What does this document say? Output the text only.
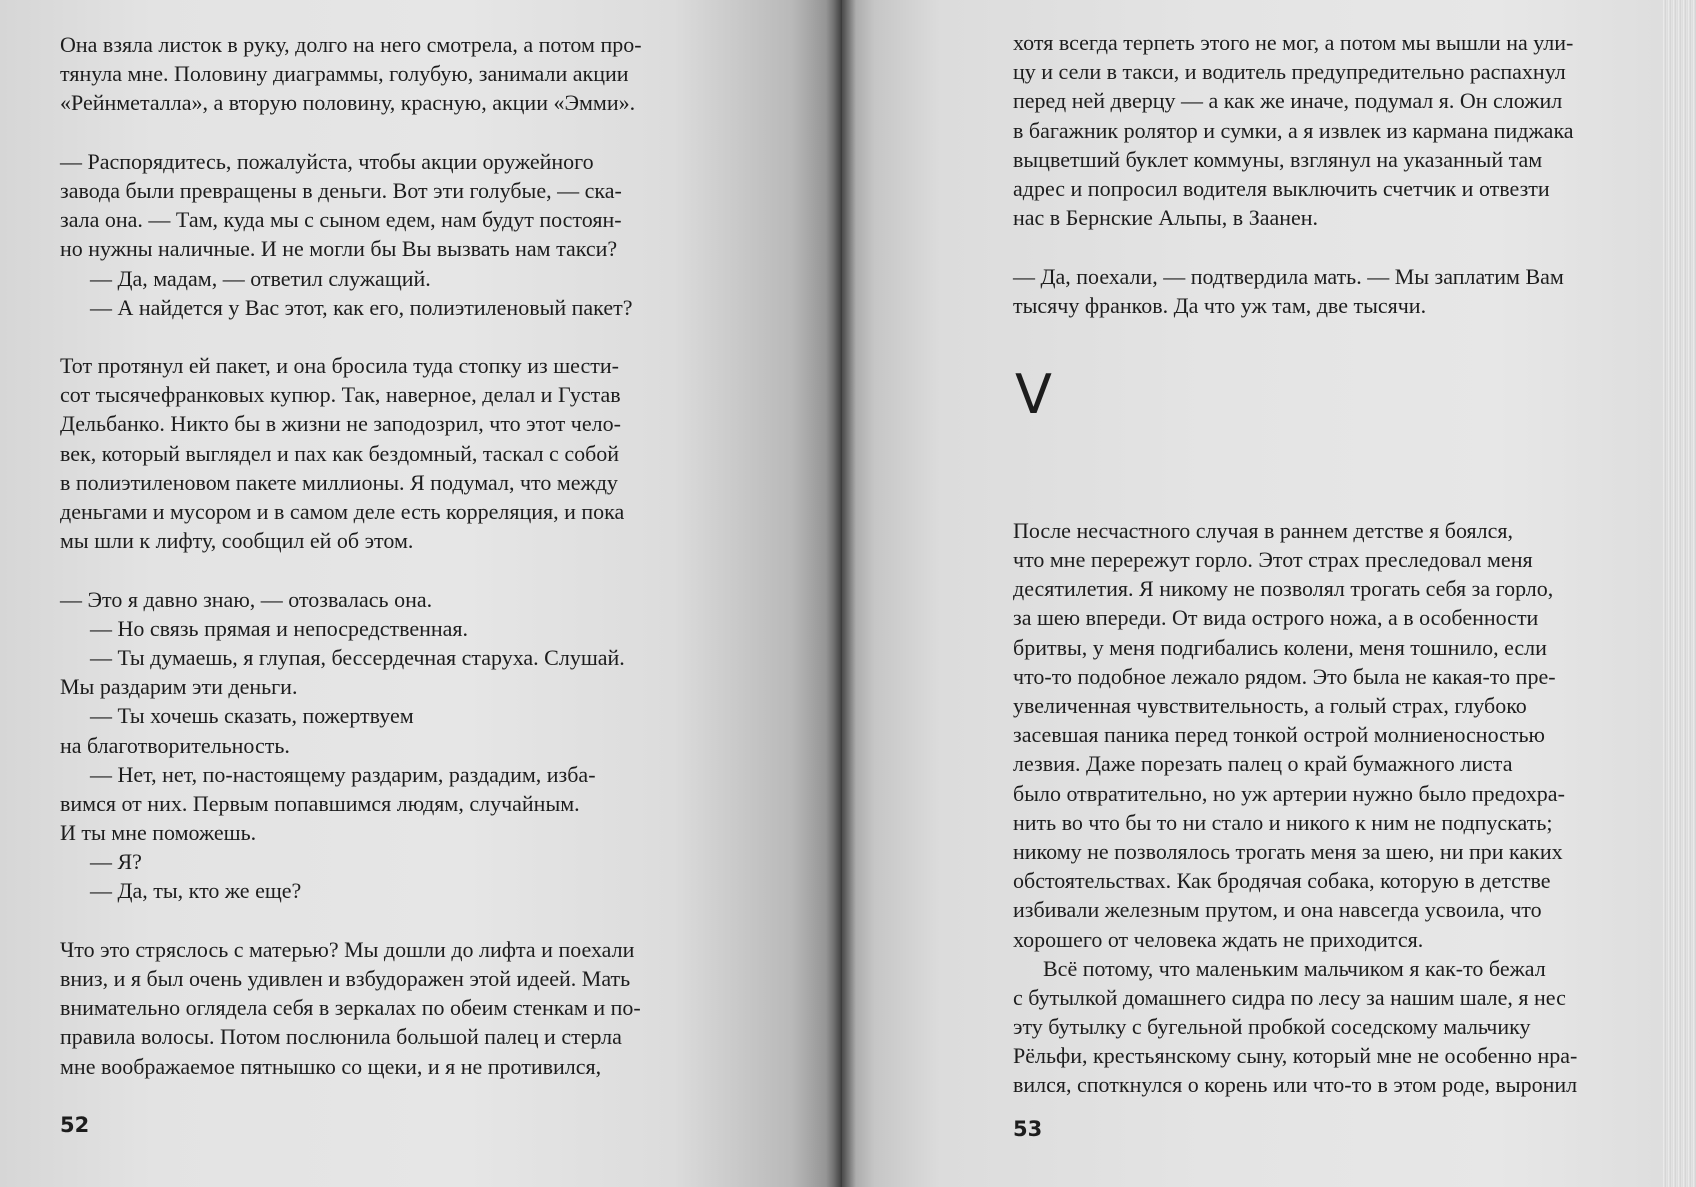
Она взяла листок в руку, долго на него смотрела, а потом про-
тянула мне. Половину диаграммы, голубую, занимали акции
«Рейнметалла», а вторую половину, красную, акции «Эмми».
— Распорядитесь, пожалуйста, чтобы акции оружейного
завода были превращены в деньги. Вот эти голубые, — ска-
зала она. — Там, куда мы с сыном едем, нам будут постоян-
но нужны наличные. И не могли бы Вы вызвать нам такси?
— Да, мадам, — ответил служащий.
— А найдется у Вас этот, как его, полиэтиленовый пакет?
Тот протянул ей пакет, и она бросила туда стопку из шести-
сот тысячефранковых купюр. Так, наверное, делал и Густав
Дельбанко. Никто бы в жизни не заподозрил, что этот чело-
век, который выглядел и пах как бездомный, таскал с собой
в полиэтиленовом пакете миллионы. Я подумал, что между
деньгами и мусором и в самом деле есть корреляция, и пока
мы шли к лифту, сообщил ей об этом.
— Это я давно знаю, — отозвалась она.
— Но связь прямая и непосредственная.
— Ты думаешь, я глупая, бессердечная старуха. Слушай.
Мы раздарим эти деньги.
— Ты хочешь сказать, пожертвуем
на благотворительность.
— Нет, нет, по-настоящему раздарим, раздадим, изба-
вимся от них. Первым попавшимся людям, случайным.
И ты мне поможешь.
— Я?
— Да, ты, кто же еще?
Что это стряслось с матерью? Мы дошли до лифта и поехали
вниз, и я был очень удивлен и взбудоражен этой идеей. Мать
внимательно оглядела себя в зеркалах по обеим стенкам и по-
правила волосы. Потом послюнила большой палец и стерла
мне воображаемое пятнышко со щеки, и я не противился,
52
хотя всегда терпеть этого не мог, а потом мы вышли на ули-
цу и сели в такси, и водитель предупредительно распахнул
перед ней дверцу — а как же иначе, подумал я. Он сложил
в багажник ролятор и сумки, а я извлек из кармана пиджака
выцветший буклет коммуны, взглянул на указанный там
адрес и попросил водителя выключить счетчик и отвезти
нас в Бернские Альпы, в Заанен.
— Да, поехали, — подтвердила мать. — Мы заплатим Вам
тысячу франков. Да что уж там, две тысячи.
V
После несчастного случая в раннем детстве я боялся,
что мне перережут горло. Этот страх преследовал меня
десятилетия. Я никому не позволял трогать себя за горло,
за шею впереди. От вида острого ножа, а в особенности
бритвы, у меня подгибались колени, меня тошнило, если
что-то подобное лежало рядом. Это была не какая-то пре-
увеличенная чувствительность, а голый страх, глубоко
засевшая паника перед тонкой острой молниеносностью
лезвия. Даже порезать палец о край бумажного листа
было отвратительно, но уж артерии нужно было предохра-
нить во что бы то ни стало и никого к ним не подпускать;
никому не позволялось трогать меня за шею, ни при каких
обстоятельствах. Как бродячая собака, которую в детстве
избивали железным прутом, и она навсегда усвоила, что
хорошего от человека ждать не приходится.
Всё потому, что маленьким мальчиком я как-то бежал
с бутылкой домашнего сидра по лесу за нашим шале, я нес
эту бутылку с бугельной пробкой соседскому мальчику
Рёльфи, крестьянскому сыну, который мне не особенно нра-
вился, споткнулся о корень или что-то в этом роде, выронил
53
